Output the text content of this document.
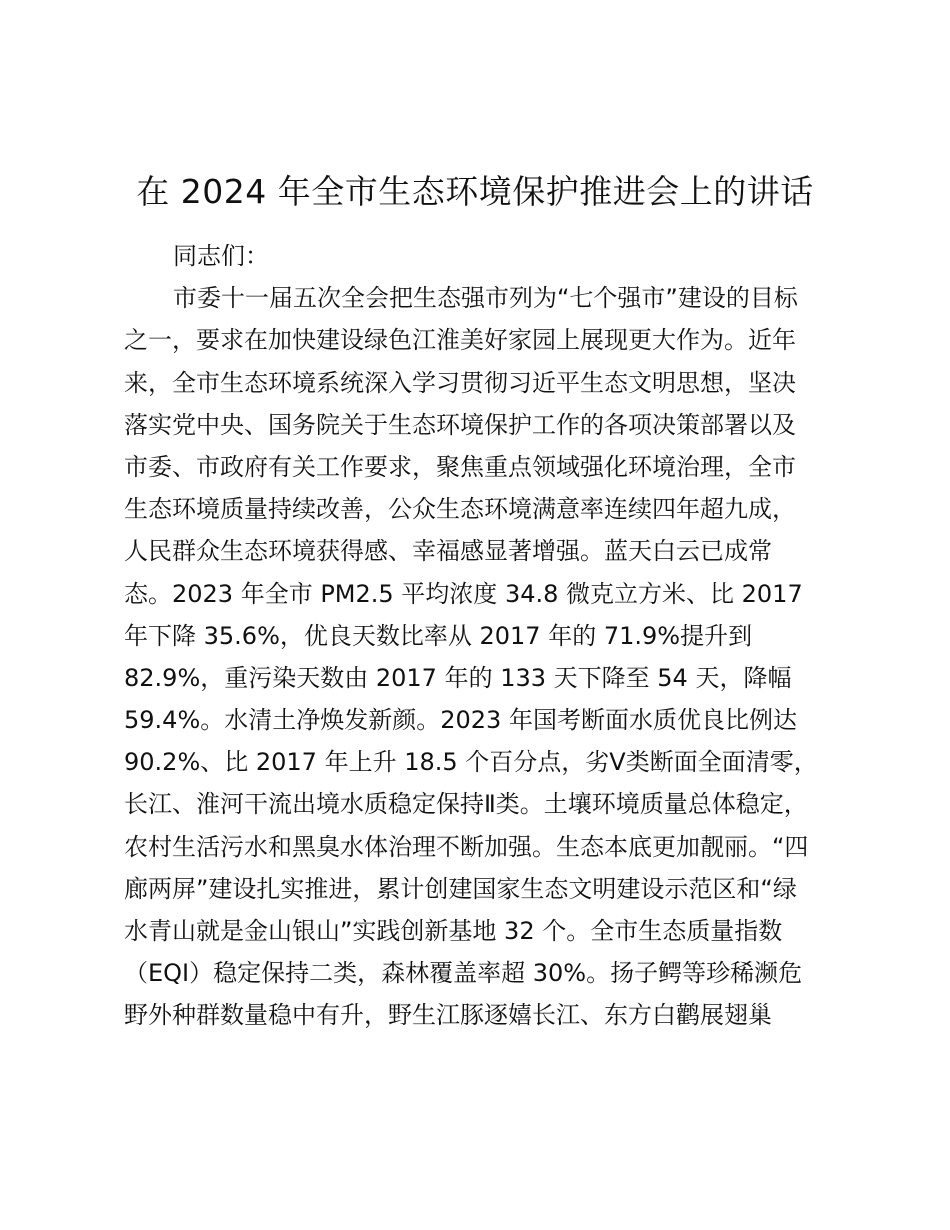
在 2024 年全市生态环境保护推进会上的讲话
同志们：
市委十一届五次全会把生态强市列为“七个强市”建设的目标
之一，要求在加快建设绿色江淮美好家园上展现更大作为。近年
来，全市生态环境系统深入学习贯彻习近平生态文明思想，坚决
落实党中央、国务院关于生态环境保护工作的各项决策部署以及
市委、市政府有关工作要求，聚焦重点领域强化环境治理，全市
生态环境质量持续改善，公众生态环境满意率连续四年超九成，
人民群众生态环境获得感、幸福感显著增强。蓝天白云已成常
态。2023 年全市 PM2.5 平均浓度 34.8 微克立方米、比 2017
年下降 35.6%，优良天数比率从 2017 年的 71.9%提升到
82.9%，重污染天数由 2017 年的 133 天下降至 54 天，降幅
59.4%。水清土净焕发新颜。2023 年国考断面水质优良比例达
90.2%、比 2017 年上升 18.5 个百分点，劣Ⅴ类断面全面清零，
长江、淮河干流出境水质稳定保持Ⅱ类。土壤环境质量总体稳定，
农村生活污水和黑臭水体治理不断加强。生态本底更加靓丽。“四
廊两屏”建设扎实推进，累计创建国家生态文明建设示范区和“绿
水青山就是金山银山”实践创新基地 32 个。全市生态质量指数
（EQI）稳定保持二类，森林覆盖率超 30%。扬子鳄等珍稀濒危
野外种群数量稳中有升，野生江豚逐嬉长江、东方白鹳展翅巢
